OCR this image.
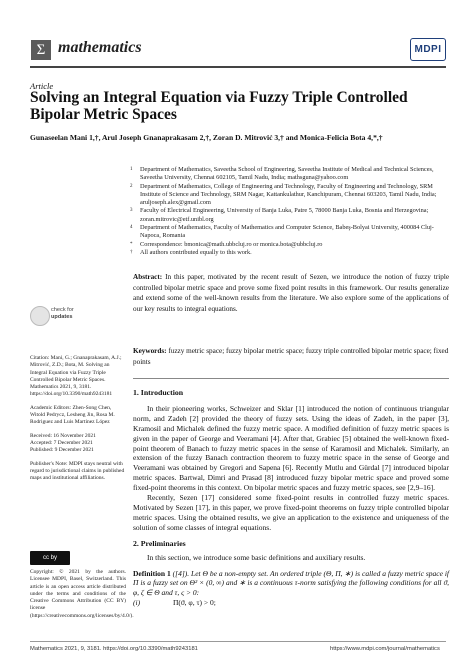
Σ mathematics	MDPI
Article
Solving an Integral Equation via Fuzzy Triple Controlled Bipolar Metric Spaces
Gunaseelan Mani 1,†, Arul Joseph Gnanaprakasam 2,†, Zoran D. Mitrović 3,† and Monica-Felicia Bota 4,*,†
1	Department of Mathematics, Saveetha School of Engineering, Saveetha Institute of Medical and Technical Sciences, Saveetha University, Chennai 602105, Tamil Nadu, India; mathsguna@yahoo.com
2	Department of Mathematics, College of Engineering and Technology, Faculty of Engineering and Technology, SRM Institute of Science and Technology, SRM Nagar, Kattankulathur, Kanchipuram, Chennai 603203, Tamil Nadu, India; aruljoseph.alex@gmail.com
3	Faculty of Electrical Engineering, University of Banja Luka, Patre 5, 78000 Banja Luka, Bosnia and Herzegovina; zoran.mitrovic@etf.unibl.org
4	Department of Mathematics, Faculty of Mathematics and Computer Science, Babeş-Bolyai University, 400084 Cluj-Napoca, Romania
*	Correspondence: bmonica@math.ubbcluj.ro or monica.bota@ubbcluj.ro
†	All authors contributed equally to this work.
Abstract: In this paper, motivated by the recent result of Sezen, we introduce the notion of fuzzy triple controlled bipolar metric space and prove some fixed point results in this framework. Our results generalize and extend some of the well-known results from the literature. We also explore some of the applications of our key results to integral equations.
Keywords: fuzzy metric space; fuzzy bipolar metric space; fuzzy triple controlled bipolar metric space; fixed points
check for
updates

Citation: Mani, G.; Gnanaprakasam, A.J.; Mitrović, Z.D.; Bota, M. Solving an Integral Equation via Fuzzy Triple Controlled Bipolar Metric Spaces. Mathematics 2021, 9, 3181. https://doi.org/10.3390/math9243181

Academic Editors: Zhen-Song Chen, Witold Pedrycz, Lesheng Jin, Rosa M. Rodriguez and Luis Martinez López

Received: 16 November 2021

Accepted: 7 December 2021

Published: 9 December 2021

Publisher's Note: MDPI stays neutral with regard to jurisdictional claims in published maps and institutional affiliations.

cc by
Copyright: © 2021 by the authors. Licensee MDPI, Basel, Switzerland. This article is an open access article distributed under the terms and conditions of the Creative Commons Attribution (CC BY) license (https://creativecommons.org/licenses/by/4.0/).
1. Introduction

In their pioneering works, Schweizer and Sklar [1] introduced the notion of continuous triangular norm, and Zadeh [2] provided the theory of fuzzy sets. Using the ideas of Zadeh, in the paper [3], Kramosil and Michalek defined the fuzzy metric space. A modified definition of fuzzy metric spaces is given in the paper of George and Veeramani [4]. After that, Grabiec [5] obtained the well-known fixed-point theorem of Banach to fuzzy metric spaces in the sense of Karamosil and Michalek. Similarly, an extension of the fuzzy Banach contraction theorem to fuzzy metric space in the sense of George and Veeramani was obtained by Gregori and Sapena [6]. Recently Mutlu and Gürdal [7] introduced bipolar metric spaces. Bartwal, Dimri and Prasad [8] introduced fuzzy bipolar metric space and proved some fixed-point theorems in this context. On bipolar metric spaces and fuzzy metric spaces, see [2,9–16].

Recently, Sezen [17] considered some fixed-point results in controlled fuzzy metric spaces. Motivated by Sezen [17], in this paper, we prove fixed-point theorems on fuzzy triple controlled bipolar metric spaces. Using the obtained results, we give an application to the existence and uniqueness of the solution of some classes of integral equations.

2. Preliminaries

In this section, we introduce some basic definitions and auxiliary results.

Definition 1 ([4]). Let Θ be a non-empty set. An ordered triple (Θ, Π, ∗) is called a fuzzy metric space if Π is a fuzzy set on Θ² × (0, ∞) and ∗ is a continuous τ-norm satisfying the following conditions for all ϑ, φ, ζ ∈ Θ and τ, ς > 0:
(i)	Π(ϑ, φ, τ) > 0;
Mathematics 2021, 9, 3181. https://doi.org/10.3390/math9243181	https://www.mdpi.com/journal/mathematics
